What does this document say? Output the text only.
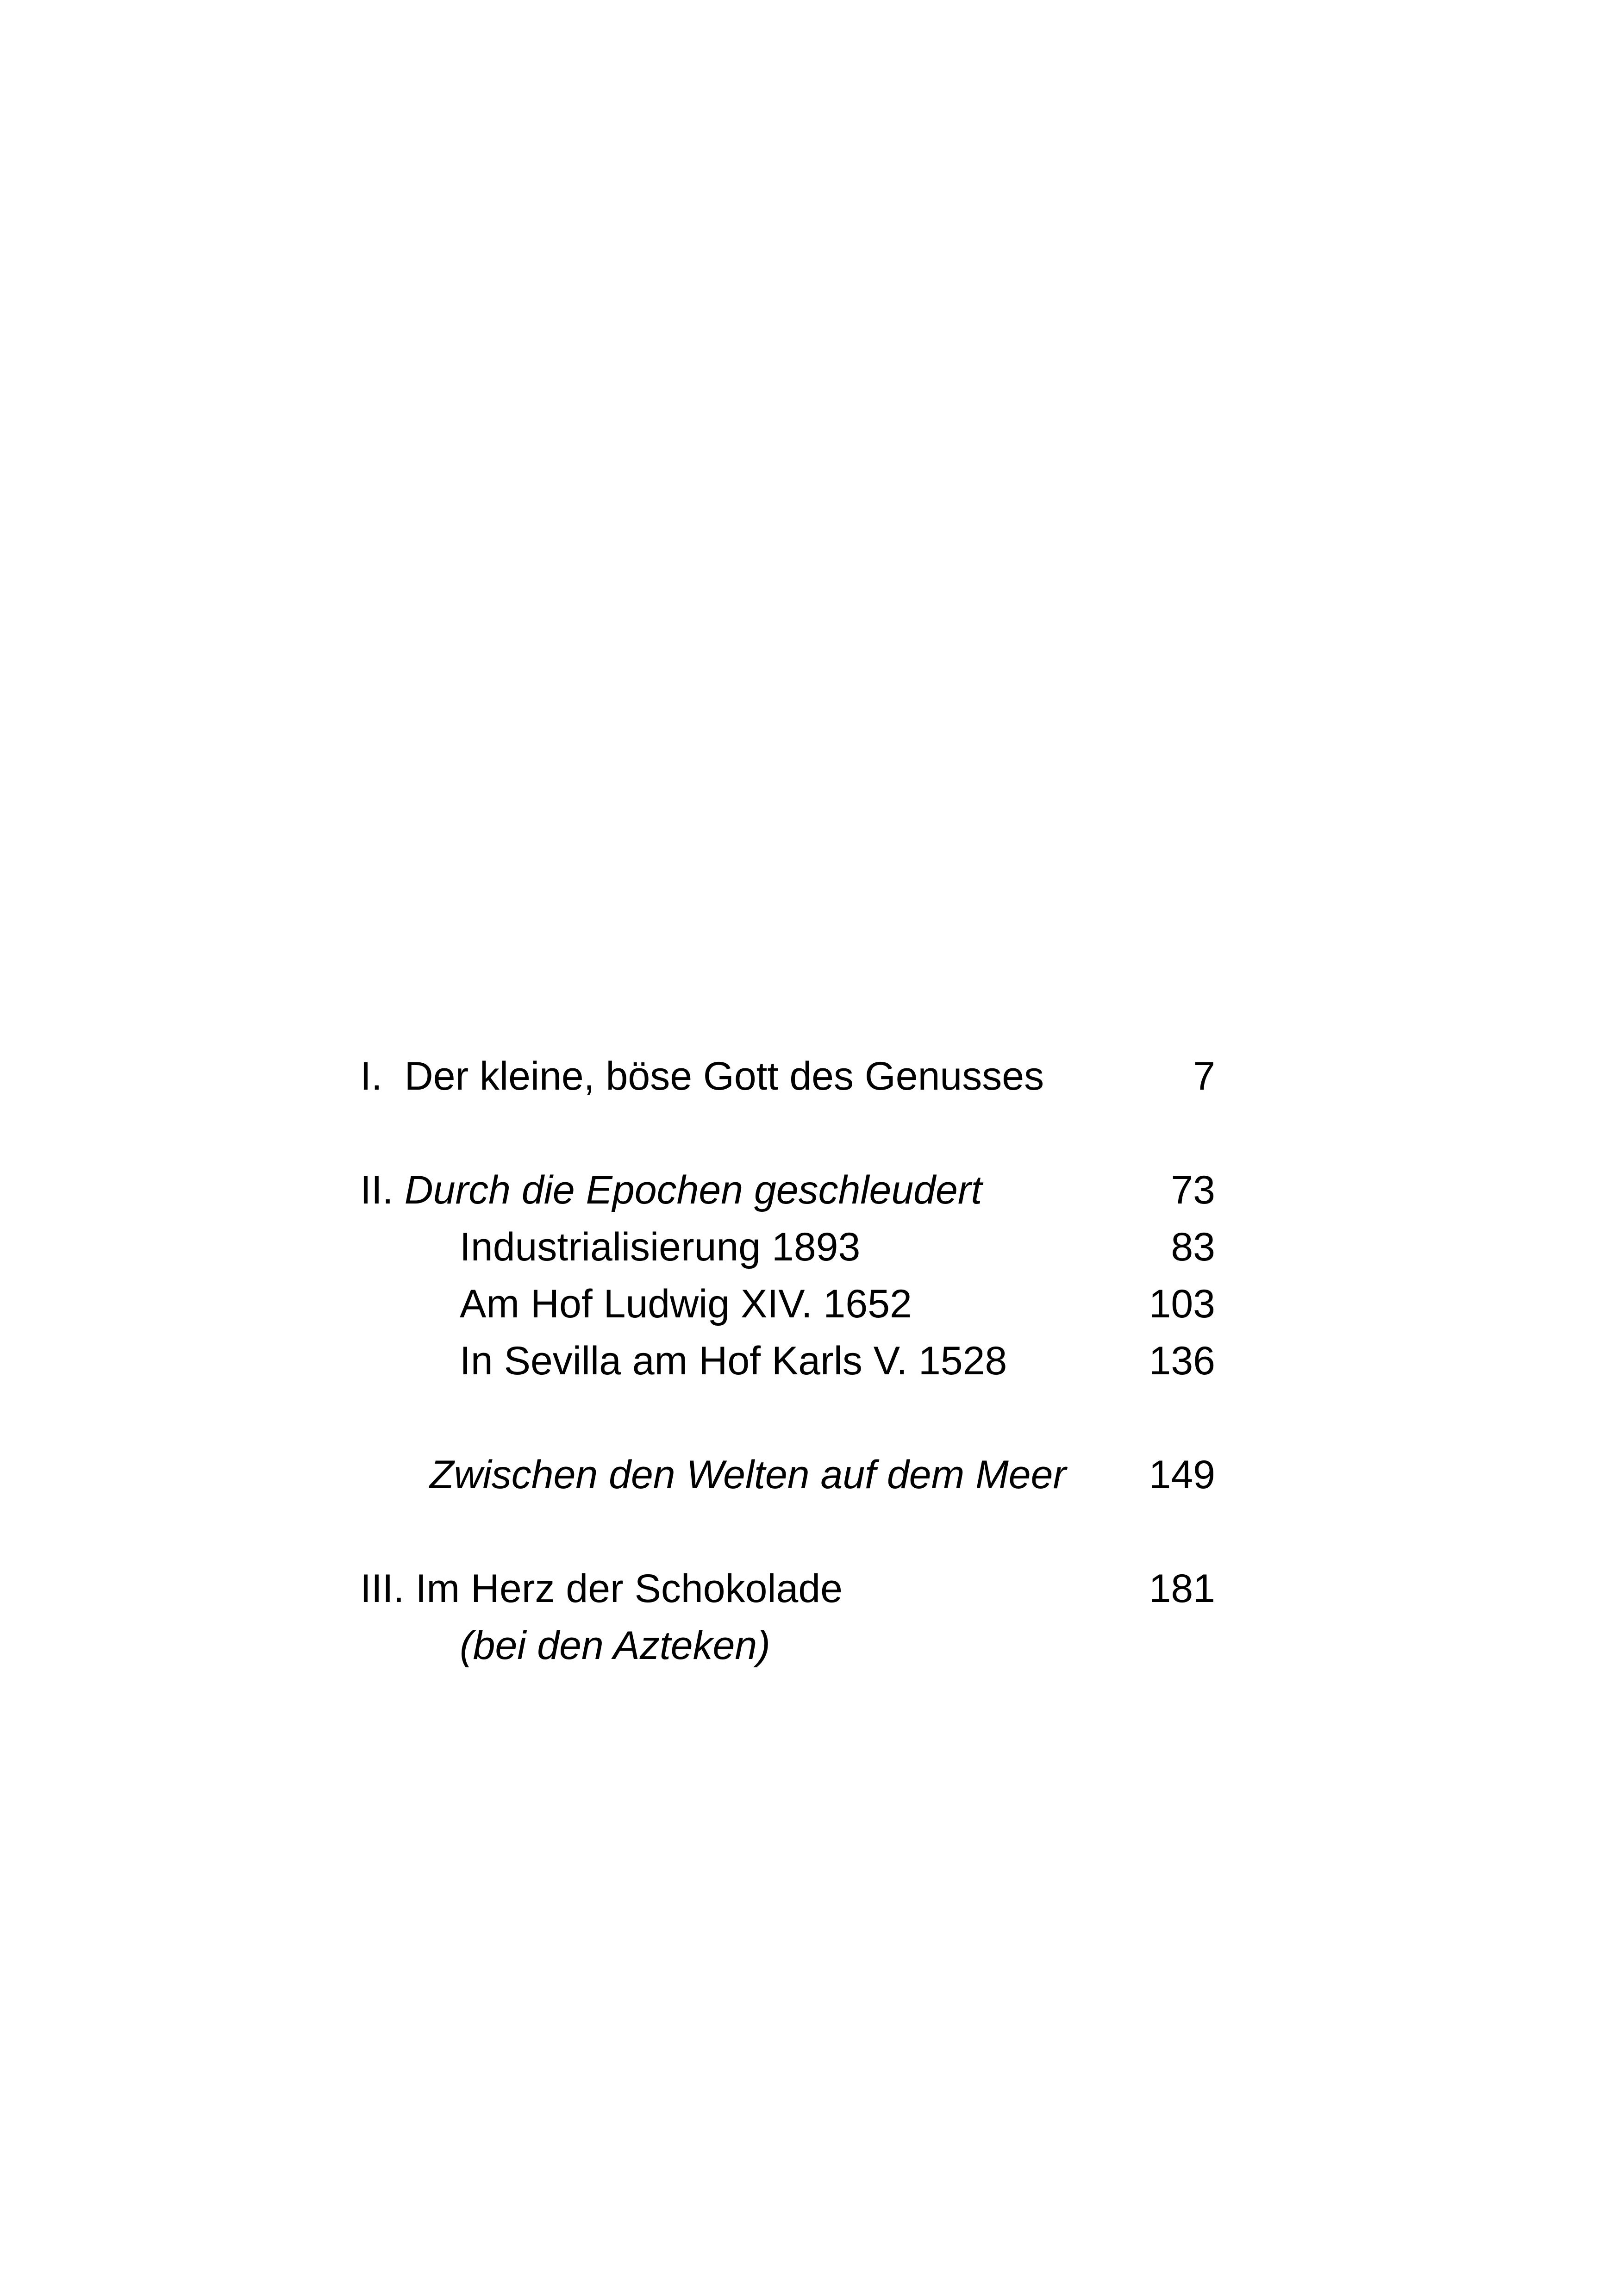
I. Der kleine, böse Gott des Genusses	7
II. Durch die Epochen geschleudert	73
Industrialisierung 1893	83
Am Hof Ludwig XIV. 1652	103
In Sevilla am Hof Karls V. 1528	136
Zwischen den Welten auf dem Meer	149
III. Im Herz der Schokolade	181
(bei den Azteken)
